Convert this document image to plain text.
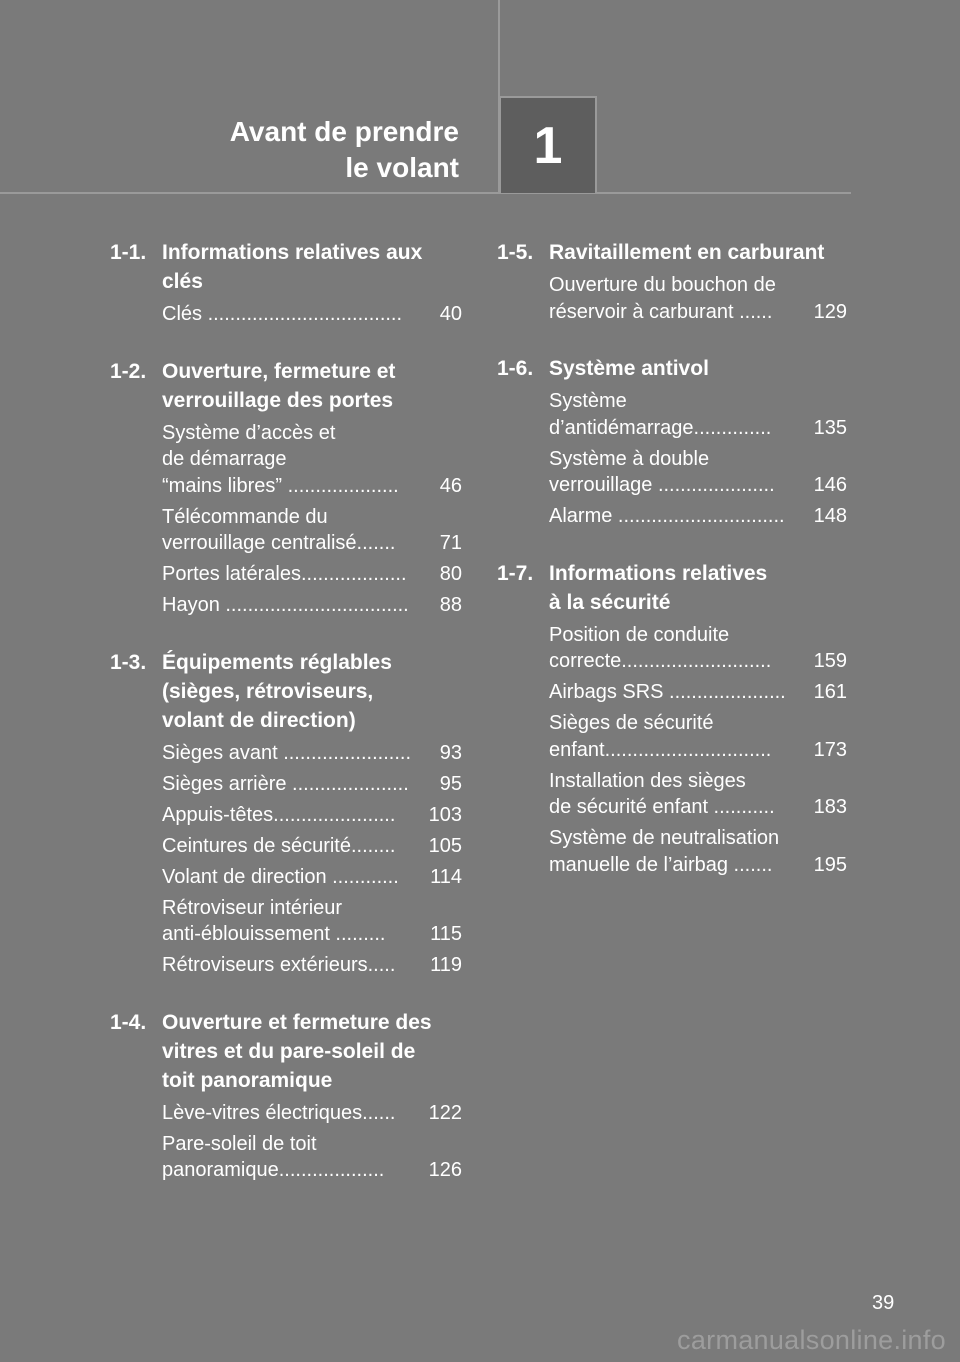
Avant de prendre
le volant 1
1-1. Informations relatives aux
clés
Clés ...................................	40
1-2. Ouverture, fermeture et
verrouillage des portes
Système d’accès et
de démarrage
“mains libres” ....................	46
Télécommande du
verrouillage centralisé.......	71
Portes latérales...................	80
Hayon .................................	88
1-3. Équipements réglables
(sièges, rétroviseurs,
volant de direction)
Sièges avant .......................	93
Sièges arrière .....................	95
Appuis-têtes......................	103
Ceintures de sécurité........	105
Volant de direction ............	114
Rétroviseur intérieur
anti-éblouissement .........	115
Rétroviseurs extérieurs.....	119
1-4. Ouverture et fermeture des
vitres et du pare-soleil de
toit panoramique
Lève-vitres électriques......	122
Pare-soleil de toit
panoramique...................	126
1-5. Ravitaillement en carburant
Ouverture du bouchon de
réservoir à carburant ......	129
1-6. Système antivol
Système
d’antidémarrage..............	135
Système à double
verrouillage .....................	146
Alarme ..............................	148
1-7. Informations relatives
à la sécurité
Position de conduite
correcte...........................	159
Airbags SRS .....................	161
Sièges de sécurité
enfant..............................	173
Installation des sièges
de sécurité enfant ...........	183
Système de neutralisation
manuelle de l’airbag .......	195
39
carmanualsonline.info
